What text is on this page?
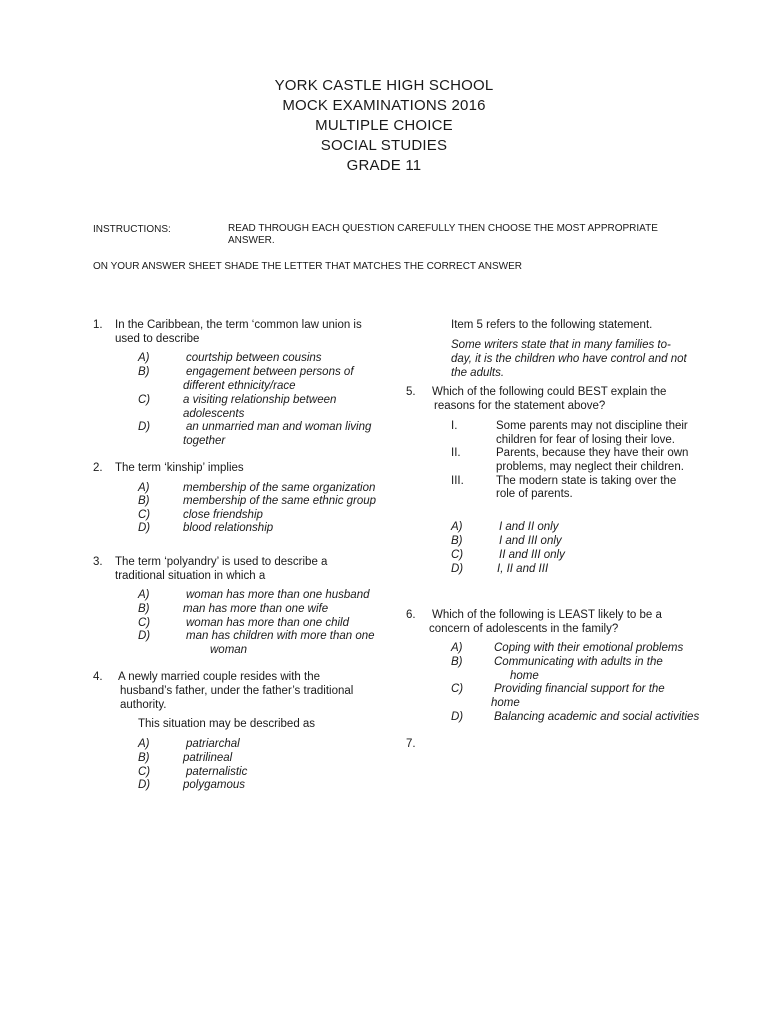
YORK CASTLE HIGH SCHOOL
MOCK EXAMINATIONS 2016
MULTIPLE CHOICE
SOCIAL STUDIES
GRADE 11
INSTRUCTIONS:	READ THROUGH EACH QUESTION CAREFULLY THEN CHOOSE THE MOST APPROPRIATE
ANSWER.
ON YOUR ANSWER SHEET SHADE THE LETTER THAT MATCHES THE CORRECT ANSWER
1. In the Caribbean, the term ‘common law union is
used to describe
A)	courtship between cousins
B)	engagement between persons of
different ethnicity/race
C)	a visiting relationship between
adolescents
D)	an unmarried man and woman living
together
2. The term ‘kinship’ implies
A)	membership of the same organization
B)	membership of the same ethnic group
C)	close friendship
D)	blood relationship
3. The term ‘polyandry’ is used to describe a
traditional situation in which a
A)	woman has more than one husband
B)	man has more than one wife
C)	woman has more than one child
D)	man has children with more than one
woman
4. A newly married couple resides with the
husband’s father, under the father’s traditional
authority.
This situation may be described as
A)	patriarchal
B)	patrilineal
C)	paternalistic
D)	polygamous
Item 5 refers to the following statement.
Some writers state that in many families to-
day, it is the children who have control and not
the adults.
5. Which of the following could BEST explain the
reasons for the statement above?
I.	Some parents may not discipline their
children for fear of losing their love.
II.	Parents, because they have their own
problems, may neglect their children.
III.	The modern state is taking over the
role of parents.
A)	I and II only
B)	I and III only
C)	II and III only
D)	I, II and III
6. Which of the following is LEAST likely to be a
concern of adolescents in the family?
A)	Coping with their emotional problems
B)	Communicating with adults in the
home
C)	Providing financial support for the
home
D)	Balancing academic and social activities
7.
